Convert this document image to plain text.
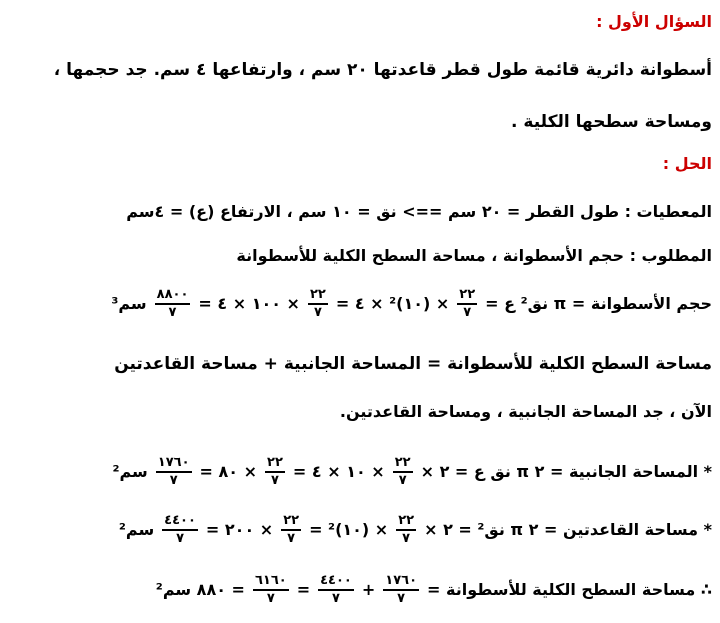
السؤال الأول :
أسطوانة دائرية قائمة طول قطر قاعدتها ٢٠ سم ، وارتفاعها ٤ سم. جد حجمها ،
ومساحة سطحها الكلية .
الحل :
المعطيات : طول القطر = ٢٠ سم ==> نق = ١٠ سم ، الارتفاع (ع) = ٤سم
المطلوب : حجم الأسطوانة ، مساحة السطح الكلية للأسطوانة
حجم الأسطوانة = π نق² ع =
$\frac{٢٢}{٧}$
× (١٠)² × ٤ =
$\frac{٢٢}{٧}$
× ١٠٠ × ٤ =
$\frac{٨٨٠٠}{٧}$
سم³
مساحة السطح الكلية للأسطوانة = المساحة الجانبية + مساحة القاعدتين
الآن ، جد المساحة الجانبية ، ومساحة القاعدتين.
* المساحة الجانبية = ٢ π نق ع = ٢ ×
$\frac{٢٢}{٧}$
× ١٠ × ٤ =
$\frac{٢٢}{٧}$
× ٨٠ =
$\frac{١٧٦٠}{٧}$
سم²
* مساحة القاعدتين = ٢ π نق² = ٢ ×
$\frac{٢٢}{٧}$
× (١٠)² =
$\frac{٢٢}{٧}$
× ٢٠٠ =
$\frac{٤٤٠٠}{٧}$
سم²
∴ مساحة السطح الكلية للأسطوانة =
$\frac{١٧٦٠}{٧}$
+
$\frac{٤٤٠٠}{٧}$
=
$\frac{٦١٦٠}{٧}$
= ٨٨٠ سم²
